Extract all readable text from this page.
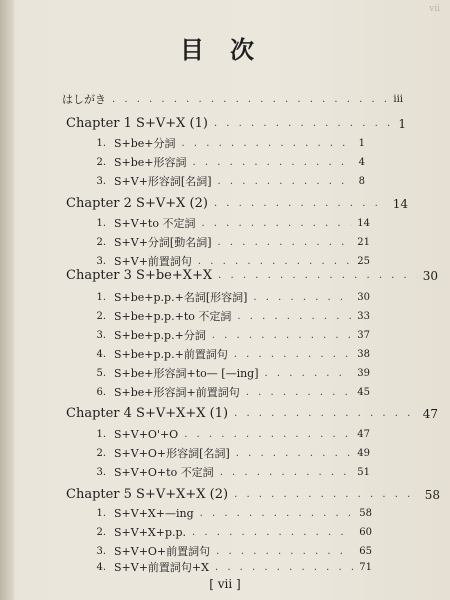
vii
目次
はしがき . . .	iii
Chapter 1 S+V+X (1) . . .	1
1. S+be+分詞 . . .	1
2. S+be+形容詞 . . .	4
3. S+V+形容詞[名詞] . . .	8
Chapter 2 S+V+X (2) . . .	14
1. S+V+to 不定詞 . . .	14
2. S+V+分詞[動名詞] . . .	21
3. S+V+前置詞句 . . .	25
Chapter 3 S+be+X+X . . .	30
1. S+be+p.p.+名詞[形容詞] . . .	30
2. S+be+p.p.+to 不定詞 . . .	33
3. S+be+p.p.+分詞 . . .	37
4. S+be+p.p.+前置詞句 . . .	38
5. S+be+形容詞+to— [—ing] . . .	39
6. S+be+形容詞+前置詞句 . . .	45
Chapter 4 S+V+X+X (1) . . .	47
1. S+V+O'+O . . .	47
2. S+V+O+形容詞[名詞] . . .	49
3. S+V+O+to 不定詞 . . .	51
Chapter 5 S+V+X+X (2) . . .	58
1. S+V+X+—ing . . .	58
2. S+V+X+p.p. . . .	60
3. S+V+O+前置詞句 . . .	65
4. S+V+前置詞句+X . . .	71
[ vii ]
